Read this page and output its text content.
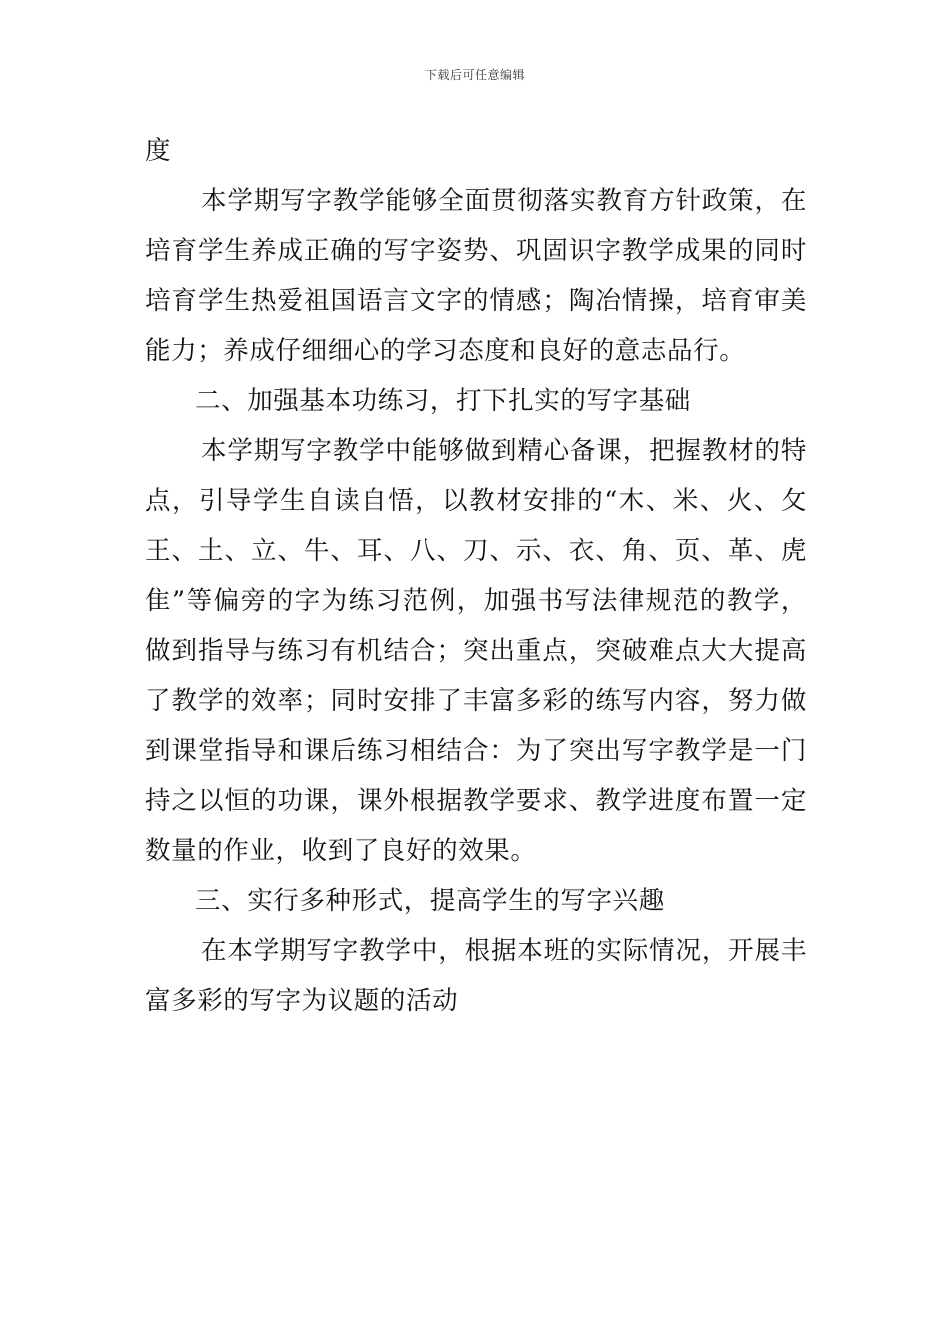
下载后可任意编辑
度
本学期写字教学能够全面贯彻落实教育方针政策，在
培育学生养成正确的写字姿势、巩固识字教学成果的同时
培育学生热爱祖国语言文字的情感；陶冶情操，培育审美
能力；养成仔细细心的学习态度和良好的意志品行。
二、加强基本功练习，打下扎实的写字基础
本学期写字教学中能够做到精心备课，把握教材的特
点，引导学生自读自悟，以教材安排的“木、米、火、攵
王、土、立、牛、耳、八、刀、示、衣、角、页、革、虎
隹”等偏旁的字为练习范例，加强书写法律规范的教学，
做到指导与练习有机结合；突出重点，突破难点大大提高
了教学的效率；同时安排了丰富多彩的练写内容，努力做
到课堂指导和课后练习相结合：为了突出写字教学是一门
持之以恒的功课，课外根据教学要求、教学进度布置一定
数量的作业，收到了良好的效果。
三、实行多种形式，提高学生的写字兴趣
在本学期写字教学中，根据本班的实际情况，开展丰
富多彩的写字为议题的活动
